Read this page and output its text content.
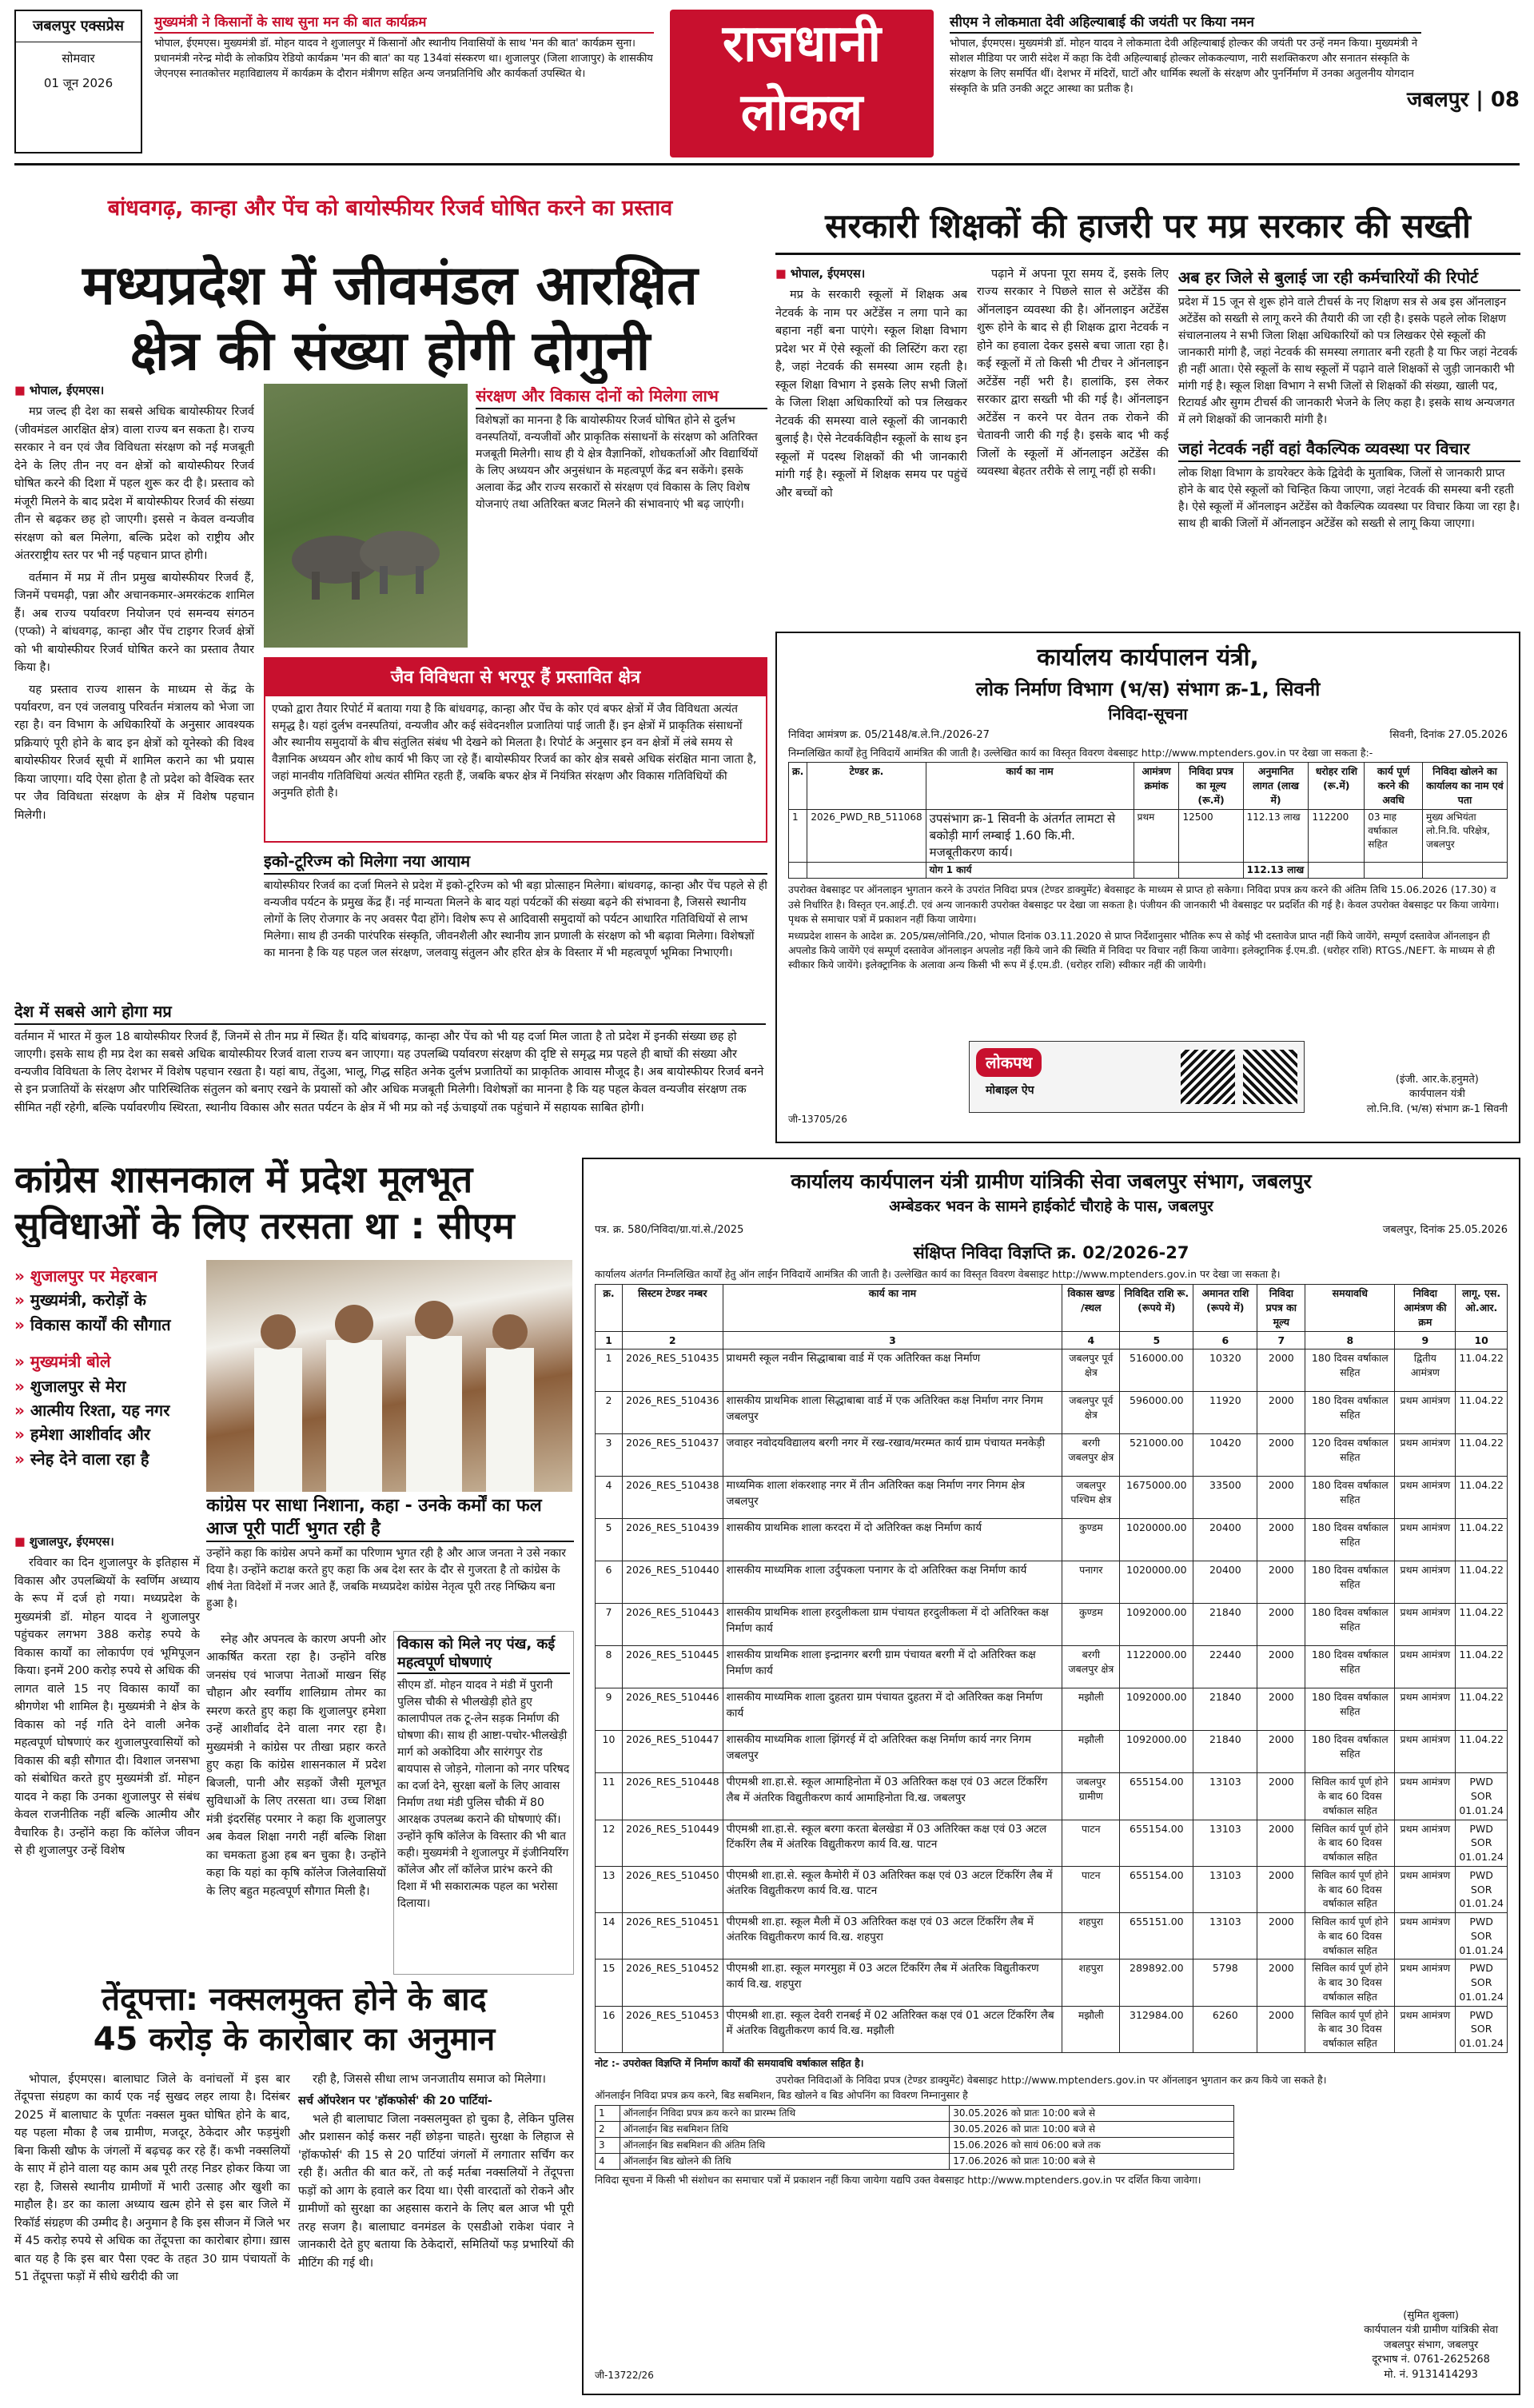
जबलपुर एक्सप्रेस
सोमवार
01 जून 2026
मुख्यमंत्री ने किसानों के साथ सुना मन की बात कार्यक्रम

भोपाल, ईएमएस। मुख्यमंत्री डॉ. मोहन यादव ने शुजालपुर में किसानों और स्थानीय निवासियों के साथ 'मन की बात' कार्यक्रम सुना। प्रधानमंत्री नरेन्द्र मोदी के लोकप्रिय रेडियो कार्यक्रम 'मन की बात' का यह 134वां संस्करण था। शुजालपुर (जिला शाजापुर) के शासकीय जेएनएस स्नातकोत्तर महाविद्यालय में कार्यक्रम के दौरान मंत्रीगण सहित अन्य जनप्रतिनिधि और कार्यकर्ता उपस्थित थे।

राजधानी
लोकल
सीएम ने लोकमाता देवी अहिल्याबाई की जयंती पर किया नमन

भोपाल, ईएमएस। मुख्यमंत्री डॉ. मोहन यादव ने लोकमाता देवी अहिल्याबाई होल्कर की जयंती पर उन्हें नमन किया। मुख्यमंत्री ने सोशल मीडिया पर जारी संदेश में कहा कि देवी अहिल्याबाई होल्कर लोककल्याण, नारी सशक्तिकरण और सनातन संस्कृति के संरक्षण के लिए समर्पित थीं। देशभर में मंदिरों, घाटों और धार्मिक स्थलों के संरक्षण और पुनर्निर्माण में उनका अतुलनीय योगदान संस्कृति के प्रति उनकी अटूट आस्था का प्रतीक है।	जबलपुर | 08
बांधवगढ़, कान्हा और पेंच को बायोस्फीयर रिजर्व घोषित करने का प्रस्ताव
मध्यप्रदेश में जीवमंडल आरक्षित
क्षेत्र की संख्या होगी दोगुनी
■ भोपाल, ईएमएस।

मप्र जल्द ही देश का सबसे अधिक बायोस्फीयर रिजर्व (जीवमंडल आरक्षित क्षेत्र) वाला राज्य बन सकता है। राज्य सरकार ने वन एवं जैव विविधता संरक्षण को नई मजबूती देने के लिए तीन नए वन क्षेत्रों को बायोस्फीयर रिजर्व घोषित करने की दिशा में पहल शुरू कर दी है। प्रस्ताव को मंजूरी मिलने के बाद प्रदेश में बायोस्फीयर रिजर्व की संख्या तीन से बढ़कर छह हो जाएगी। इससे न केवल वन्यजीव संरक्षण को बल मिलेगा, बल्कि प्रदेश को राष्ट्रीय और अंतरराष्ट्रीय स्तर पर भी नई पहचान प्राप्त होगी।

वर्तमान में मप्र में तीन प्रमुख बायोस्फीयर रिजर्व हैं, जिनमें पचमढ़ी, पन्ना और अचानकमार-अमरकंटक शामिल हैं। अब राज्य पर्यावरण नियोजन एवं समन्वय संगठन (एप्को) ने बांधवगढ़, कान्हा और पेंच टाइगर रिजर्व क्षेत्रों को भी बायोस्फीयर रिजर्व घोषित करने का प्रस्ताव तैयार किया है।

यह प्रस्ताव राज्य शासन के माध्यम से केंद्र के पर्यावरण, वन एवं जलवायु परिवर्तन मंत्रालय को भेजा जा रहा है। वन विभाग के अधिकारियों के अनुसार आवश्यक प्रक्रियाएं पूरी होने के बाद इन क्षेत्रों को यूनेस्को की विश्व बायोस्फीयर रिजर्व सूची में शामिल कराने का भी प्रयास किया जाएगा। यदि ऐसा होता है तो प्रदेश को वैश्विक स्तर पर जैव विविधता संरक्षण के क्षेत्र में विशेष पहचान मिलेगी।

संरक्षण और विकास दोनों को मिलेगा लाभ
विशेषज्ञों का मानना है कि बायोस्फीयर रिजर्व घोषित होने से दुर्लभ वनस्पतियों, वन्यजीवों और प्राकृतिक संसाधनों के संरक्षण को अतिरिक्त मजबूती मिलेगी। साथ ही ये क्षेत्र वैज्ञानिकों, शोधकर्ताओं और विद्यार्थियों के लिए अध्ययन और अनुसंधान के महत्वपूर्ण केंद्र बन सकेंगे। इसके अलावा केंद्र और राज्य सरकारों से संरक्षण एवं विकास के लिए विशेष योजनाएं तथा अतिरिक्त बजट मिलने की संभावनाएं भी बढ़ जाएंगी।
जैव विविधता से भरपूर हैं प्रस्तावित क्षेत्र
एप्को द्वारा तैयार रिपोर्ट में बताया गया है कि बांधवगढ़, कान्हा और पेंच के कोर एवं बफर क्षेत्रों में जैव विविधता अत्यंत समृद्ध है। यहां दुर्लभ वनस्पतियां, वन्यजीव और कई संवेदनशील प्रजातियां पाई जाती हैं। इन क्षेत्रों में प्राकृतिक संसाधनों और स्थानीय समुदायों के बीच संतुलित संबंध भी देखने को मिलता है। रिपोर्ट के अनुसार इन वन क्षेत्रों में लंबे समय से वैज्ञानिक अध्ययन और शोध कार्य भी किए जा रहे हैं। बायोस्फीयर रिजर्व का कोर क्षेत्र सबसे अधिक संरक्षित माना जाता है, जहां मानवीय गतिविधियां अत्यंत सीमित रहती हैं, जबकि बफर क्षेत्र में नियंत्रित संरक्षण और विकास गतिविधियों की अनुमति होती है।
इको-टूरिज्म को मिलेगा नया आयाम
बायोस्फीयर रिजर्व का दर्जा मिलने से प्रदेश में इको-टूरिज्म को भी बड़ा प्रोत्साहन मिलेगा। बांधवगढ़, कान्हा और पेंच पहले से ही वन्यजीव पर्यटन के प्रमुख केंद्र हैं। नई मान्यता मिलने के बाद यहां पर्यटकों की संख्या बढ़ने की संभावना है, जिससे स्थानीय लोगों के लिए रोजगार के नए अवसर पैदा होंगे। विशेष रूप से आदिवासी समुदायों को पर्यटन आधारित गतिविधियों से लाभ मिलेगा। साथ ही उनकी पारंपरिक संस्कृति, जीवनशैली और स्थानीय ज्ञान प्रणाली के संरक्षण को भी बढ़ावा मिलेगा। विशेषज्ञों का मानना है कि यह पहल जल संरक्षण, जलवायु संतुलन और हरित क्षेत्र के विस्तार में भी महत्वपूर्ण भूमिका निभाएगी।
देश में सबसे आगे होगा मप्र
वर्तमान में भारत में कुल 18 बायोस्फीयर रिजर्व हैं, जिनमें से तीन मप्र में स्थित हैं। यदि बांधवगढ़, कान्हा और पेंच को भी यह दर्जा मिल जाता है तो प्रदेश में इनकी संख्या छह हो जाएगी। इसके साथ ही मप्र देश का सबसे अधिक बायोस्फीयर रिजर्व वाला राज्य बन जाएगा। यह उपलब्धि पर्यावरण संरक्षण की दृष्टि से समृद्ध मप्र पहले ही बाघों की संख्या और वन्यजीव विविधता के लिए देशभर में विशेष पहचान रखता है। यहां बाघ, तेंदुआ, भालू, गिद्ध सहित अनेक दुर्लभ प्रजातियों का प्राकृतिक आवास मौजूद है। अब बायोस्फीयर रिजर्व बनने से इन प्रजातियों के संरक्षण और पारिस्थितिक संतुलन को बनाए रखने के प्रयासों को और अधिक मजबूती मिलेगी। विशेषज्ञों का मानना है कि यह पहल केवल वन्यजीव संरक्षण तक सीमित नहीं रहेगी, बल्कि पर्यावरणीय स्थिरता, स्थानीय विकास और सतत पर्यटन के क्षेत्र में भी मप्र को नई ऊंचाइयों तक पहुंचाने में सहायक साबित होगी।
सरकारी शिक्षकों की हाजरी पर मप्र सरकार की सख्ती
■ भोपाल, ईएमएस।

मप्र के सरकारी स्कूलों में शिक्षक अब नेटवर्क के नाम पर अटेंडेंस न लगा पाने का बहाना नहीं बना पाएंगे। स्कूल शिक्षा विभाग प्रदेश भर में ऐसे स्कूलों की लिस्टिंग करा रहा है, जहां नेटवर्क की समस्या आम रहती है। स्कूल शिक्षा विभाग ने इसके लिए सभी जिलों के जिला शिक्षा अधिकारियों को पत्र लिखकर नेटवर्क की समस्या वाले स्कूलों की जानकारी बुलाई है। ऐसे नेटवर्कविहीन स्कूलों के साथ इन स्कूलों में पदस्थ शिक्षकों की भी जानकारी मांगी गई है। स्कूलों में शिक्षक समय पर पहुंचें और बच्चों को

पढ़ाने में अपना पूरा समय दें, इसके लिए राज्य सरकार ने पिछले साल से अटेंडेंस की ऑनलाइन व्यवस्था की है। ऑनलाइन अटेंडेंस शुरू होने के बाद से ही शिक्षक द्वारा नेटवर्क न होने का हवाला देकर इससे बचा जाता रहा है। कई स्कूलों में तो किसी भी टीचर ने ऑनलाइन अटेंडेंस नहीं भरी है। हालांकि, इस लेकर सरकार द्वारा सख्ती भी की गई है। ऑनलाइन अटेंडेंस न करने पर वेतन तक रोकने की चेतावनी जारी की गई है। इसके बाद भी कई जिलों के स्कूलों में ऑनलाइन अटेंडेंस की व्यवस्था बेहतर तरीके से लागू नहीं हो सकी।

अब हर जिले से बुलाई जा रही कर्मचारियों की रिपोर्ट
प्रदेश में 15 जून से शुरू होने वाले टीचर्स के नए शिक्षण सत्र से अब इस ऑनलाइन अटेंडेंस को सख्ती से लागू करने की तैयारी की जा रही है। इसके पहले लोक शिक्षण संचालनालय ने सभी जिला शिक्षा अधिकारियों को पत्र लिखकर ऐसे स्कूलों की जानकारी मांगी है, जहां नेटवर्क की समस्या लगातार बनी रहती है या फिर जहां नेटवर्क ही नहीं आता। ऐसे स्कूलों के साथ स्कूलों में पढ़ाने वाले शिक्षकों से जुड़ी जानकारी भी मांगी गई है। स्कूल शिक्षा विभाग ने सभी जिलों से शिक्षकों की संख्या, खाली पद, रिटायर्ड और सुगम टीचर्स की जानकारी भेजने के लिए कहा है। इसके साथ अन्यजगत में लगे शिक्षकों की जानकारी मांगी है।
जहां नेटवर्क नहीं वहां वैकल्पिक व्यवस्था पर विचार
लोक शिक्षा विभाग के डायरेक्टर केके द्विवेदी के मुताबिक, जिलों से जानकारी प्राप्त होने के बाद ऐसे स्कूलों को चिन्हित किया जाएगा, जहां नेटवर्क की समस्या बनी रहती है। ऐसे स्कूलों में ऑनलाइन अटेंडेंस को वैकल्पिक व्यवस्था पर विचार किया जा रहा है। साथ ही बाकी जिलों में ऑनलाइन अटेंडेंस को सख्ती से लागू किया जाएगा।
कार्यालय कार्यपालन यंत्री,
लोक निर्माण विभाग (भ/स) संभाग क्र-1, सिवनी
निविदा-सूचना
निविदा आमंत्रण क्र. 05/2148/ब.ले.नि./2026-27	सिवनी, दिनांक 27.05.2026
निम्नलिखित कार्यों हेतु निविदायें आमंत्रित की जाती है। उल्लेखित कार्य का विस्तृत विवरण वेबसाइट http://www.mptenders.gov.in पर देखा जा सकता है:-
क्र.	टेण्डर क्र.	कार्य का नाम	आमंत्रण क्रमांक	निविदा प्रपत्र का मूल्य (रू.में)	अनुमानित लागत (लाख में)	धरोहर राशि (रू.में)	कार्य पूर्ण करने की अवधि	निविदा खोलने का कार्यालय का नाम एवं पता
1	2026_PWD_RB_511068	उपसंभाग क्र-1 सिवनी के अंतर्गत लामटा से बकोड़ी मार्ग लम्बाई 1.60 कि.मी. मजबूतीकरण कार्य।	प्रथम	12500	112.13 लाख	112200	03 माह वर्षाकाल सहित	मुख्य अभियंता लो.नि.वि. परिक्षेत्र, जबलपुर
		योग 1 कार्य			112.13 लाख			
उपरोक्त वेबसाइट पर ऑनलाइन भुगतान करने के उपरांत निविदा प्रपत्र (टेण्डर डाक्युमेंट) बेवसाइट के माध्यम से प्राप्त हो सकेगा। निविदा प्रपत्र क्रय करने की अंतिम तिथि 15.06.2026 (17.30) व उसे निर्धारित है। विस्तृत एन.आई.टी. एवं अन्य जानकारी उपरोक्त वेबसाइट पर देखा जा सकता है। पंजीयन की जानकारी भी वेबसाइट पर प्रदर्शित की गई है। केवल उपरोक्त वेबसाइट पर किया जायेगा। पृथक से समाचार पत्रों में प्रकाशन नहीं किया जायेगा।
मध्यप्रदेश शासन के आदेश क्र. 205/प्रस/लोनिवि./20, भोपाल दिनांक 03.11.2020 से प्राप्त निर्देशानुसार भौतिक रूप से कोई भी दस्तावेज प्राप्त नहीं किये जायेंगे, सम्पूर्ण दस्तावेज ऑनलाइन ही अपलोड किये जायेंगे एवं सम्पूर्ण दस्तावेज ऑनलाइन अपलोड नहीं किये जाने की स्थिति में निविदा पर विचार नहीं किया जावेगा। इलेक्ट्रानिक ई.एम.डी. (धरोहर राशि) RTGS./NEFT. के माध्यम से ही स्वीकार किये जायेंगे। इलेक्ट्रानिक के अलावा अन्य किसी भी रूप में ई.एम.डी. (धरोहर राशि) स्वीकार नहीं की जायेगी।
लोकपथ
मोबाइल ऐप
जी-13705/26
(इंजी. आर.के.हनुमते)
कार्यपालन यंत्री
लो.नि.वि. (भ/स) संभाग क्र-1 सिवनी
कांग्रेस शासनकाल में प्रदेश मूलभूत
सुविधाओं के लिए तरसता था : सीएम
» शुजालपुर पर मेहरबान
» मुख्यमंत्री, करोड़ों के
» विकास कार्यों की सौगात
» मुख्यमंत्री बोले
» शुजालपुर से मेरा
» आत्मीय रिश्ता, यह नगर
» हमेशा आशीर्वाद और
» स्नेह देने वाला रहा है
कांग्रेस पर साधा निशाना, कहा - उनके कर्मों का फल आज पूरी पार्टी भुगत रही है
उन्होंने कहा कि कांग्रेस अपने कर्मों का परिणाम भुगत रही है और आज जनता ने उसे नकार दिया है। उन्होंने कटाक्ष करते हुए कहा कि अब देश स्तर के दौर से गुजरता है तो कांग्रेस के शीर्ष नेता विदेशों में नजर आते हैं, जबकि मध्यप्रदेश कांग्रेस नेतृत्व पूरी तरह निष्क्रिय बना हुआ है।
■ शुजालपुर, ईएमएस।

रविवार का दिन शुजालपुर के इतिहास में विकास और उपलब्धियों के स्वर्णिम अध्याय के रूप में दर्ज हो गया। मध्यप्रदेश के मुख्यमंत्री डॉ. मोहन यादव ने शुजालपुर पहुंचकर लगभग 388 करोड़ रुपये के विकास कार्यों का लोकार्पण एवं भूमिपूजन किया। इनमें 200 करोड़ रुपये से अधिक की लागत वाले 15 नए विकास कार्यों का श्रीगणेश भी शामिल है। मुख्यमंत्री ने क्षेत्र के विकास को नई गति देने वाली अनेक महत्वपूर्ण घोषणाएं कर शुजालपुरवासियों को विकास की बड़ी सौगात दी। विशाल जनसभा को संबोधित करते हुए मुख्यमंत्री डॉ. मोहन यादव ने कहा कि उनका शुजालपुर से संबंध केवल राजनीतिक नहीं बल्कि आत्मीय और वैचारिक है। उन्होंने कहा कि कॉलेज जीवन से ही शुजालपुर उन्हें विशेष

स्नेह और अपनत्व के कारण अपनी ओर आकर्षित करता रहा है। उन्होंने वरिष्ठ जनसंघ एवं भाजपा नेताओं माखन सिंह चौहान और स्वर्गीय शालिग्राम तोमर का स्मरण करते हुए कहा कि शुजालपुर हमेशा उन्हें आशीर्वाद देने वाला नगर रहा है। मुख्यमंत्री ने कांग्रेस पर तीखा प्रहार करते हुए कहा कि कांग्रेस शासनकाल में प्रदेश बिजली, पानी और सड़कों जैसी मूलभूत सुविधाओं के लिए तरसता था। उच्च शिक्षा मंत्री इंदरसिंह परमार ने कहा कि शुजालपुर अब केवल शिक्षा नगरी नहीं बल्कि शिक्षा का चमकता हुआ हब बन चुका है। उन्होंने कहा कि यहां का कृषि कॉलेज जिलेवासियों के लिए बहुत महत्वपूर्ण सौगात मिली है।

विकास को मिले नए पंख, कई महत्वपूर्ण घोषणाएं
सीएम डॉ. मोहन यादव ने मंडी में पुरानी पुलिस चौकी से भीलखेड़ी होते हुए कालापीपल तक टू-लेन सड़क निर्माण की घोषणा की। साथ ही आष्टा-पचोर-भीलखेड़ी मार्ग को अकोदिया और सारंगपुर रोड बायपास से जोड़ने, गोलाना को नगर परिषद का दर्जा देने, सुरक्षा बलों के लिए आवास निर्माण तथा मंडी पुलिस चौकी में 80 आरक्षक उपलब्ध कराने की घोषणाएं कीं। उन्होंने कृषि कॉलेज के विस्तार की भी बात कही। मुख्यमंत्री ने शुजालपुर में इंजीनियरिंग कॉलेज और लॉ कॉलेज प्रारंभ करने की दिशा में भी सकारात्मक पहल का भरोसा दिलाया।
तेंदूपत्ता: नक्सलमुक्त होने के बाद
45 करोड़ के कारोबार का अनुमान

भोपाल, ईएमएस। बालाघाट जिले के वनांचलों में इस बार तेंदूपत्ता संग्रहण का कार्य एक नई सुखद लहर लाया है। दिसंबर 2025 में बालाघाट के पूर्णतः नक्सल मुक्त घोषित होने के बाद, यह पहला मौका है जब ग्रामीण, मजदूर, ठेकेदार और फड़मुंशी बिना किसी खौफ के जंगलों में बढ़चढ़ कर रहे हैं। कभी नक्सलियों के साए में होने वाला यह काम अब पूरी तरह निडर होकर किया जा रहा है, जिससे स्थानीय ग्रामीणों में भारी उत्साह और खुशी का माहौल है। डर का काला अध्याय खत्म होने से इस बार जिले में रिकॉर्ड संग्रहण की उम्मीद है। अनुमान है कि इस सीजन में जिले भर में 45 करोड़ रुपये से अधिक का तेंदूपत्ता का कारोबार होगा। ख़ास बात यह है कि इस बार पैसा एक्ट के तहत 30 ग्राम पंचायतों के 51 तेंदूपत्ता फड़ों में सीधे खरीदी की जा

रही है, जिससे सीधा लाभ जनजातीय समाज को मिलेगा।

सर्च ऑपरेशन पर 'हॉकफोर्स' की 20 पार्टियां-

भले ही बालाघाट जिला नक्सलमुक्त हो चुका है, लेकिन पुलिस और प्रशासन कोई कसर नहीं छोड़ना चाहते। सुरक्षा के लिहाज से 'हॉकफोर्स' की 15 से 20 पार्टियां जंगलों में लगातार सर्चिंग कर रही हैं। अतीत की बात करें, तो कई मर्तबा नक्सलियों ने तेंदूपत्ता फड़ों को आग के हवाले कर दिया था। ऐसी वारदातों को रोकने और ग्रामीणों को सुरक्षा का अहसास कराने के लिए बल आज भी पूरी तरह सजग है। बालाघाट वनमंडल के एसडीओ राकेश पंवार ने जानकारी देते हुए बताया कि ठेकेदारों, समितियों फड़ प्रभारियों की मीटिंग की गई थी।

कार्यालय कार्यपालन यंत्री ग्रामीण यांत्रिकी सेवा जबलपुर संभाग, जबलपुर
अम्बेडकर भवन के सामने हाईकोर्ट चौराहे के पास, जबलपुर
पत्र. क्र. 580/निविदा/ग्रा.यां.से./2025	जबलपुर, दिनांक 25.05.2026
संक्षिप्त निविदा विज्ञप्ति क्र. 02/2026-27
कार्यालय अंतर्गत निम्नलिखित कार्यों हेतु ऑन लाईन निविदायें आमंत्रित की जाती है। उल्लेखित कार्य का विस्तृत विवरण वेबसाइट http://www.mptenders.gov.in पर देखा जा सकता है।
क्र.	सिस्टम टेण्डर नम्बर	कार्य का नाम	विकास खण्ड /स्थल	निविदित राशि रू. (रूपये में)	अमानत राशि (रूपये में)	निविदा प्रपत्र का मूल्य	समयावधि	निविदा आमंत्रण की क्रम	लागू. एस. ओ.आर.
1	2	3	4	5	6	7	8	9	10
1	2026_RES_510435	प्राथमरी स्कूल नवीन सिद्धाबाबा वार्ड में एक अतिरिक्त कक्ष निर्माण	जबलपुर पूर्व क्षेत्र	516000.00	10320	2000	180 दिवस वर्षाकाल सहित	द्वितीय आमंत्रण	11.04.22
2	2026_RES_510436	शासकीय प्राथमिक शाला सिद्धाबाबा वार्ड में एक अतिरिक्त कक्ष निर्माण नगर निगम जबलपुर	जबलपुर पूर्व क्षेत्र	596000.00	11920	2000	180 दिवस वर्षाकाल सहित	प्रथम आमंत्रण	11.04.22
3	2026_RES_510437	जवाहर नवोदयविद्यालय बरगी नगर में रख-रखाव/मरम्मत कार्य ग्राम पंचायत मनकेड़ी	बरगी जबलपुर क्षेत्र	521000.00	10420	2000	120 दिवस वर्षाकाल सहित	प्रथम आमंत्रण	11.04.22
4	2026_RES_510438	माध्यमिक शाला शंकरशाह नगर में तीन अतिरिक्त कक्ष निर्माण नगर निगम क्षेत्र जबलपुर	जबलपुर पश्चिम क्षेत्र	1675000.00	33500	2000	180 दिवस वर्षाकाल सहित	प्रथम आमंत्रण	11.04.22
5	2026_RES_510439	शासकीय प्राथमिक शाला करदरा में दो अतिरिक्त कक्ष निर्माण कार्य	कुण्डम	1020000.00	20400	2000	180 दिवस वर्षाकाल सहित	प्रथम आमंत्रण	11.04.22
6	2026_RES_510440	शासकीय माध्यमिक शाला उर्दुपकला पनागर के दो अतिरिक्त कक्ष निर्माण कार्य	पनागर	1020000.00	20400	2000	180 दिवस वर्षाकाल सहित	प्रथम आमंत्रण	11.04.22
7	2026_RES_510443	शासकीय प्राथमिक शाला हरदुलीकला ग्राम पंचायत हरदुलीकला में दो अतिरिक्त कक्ष निर्माण कार्य	कुण्डम	1092000.00	21840	2000	180 दिवस वर्षाकाल सहित	प्रथम आमंत्रण	11.04.22
8	2026_RES_510445	शासकीय प्राथमिक शाला इन्द्रानगर बरगी ग्राम पंचायत बरगी में दो अतिरिक्त कक्ष निर्माण कार्य	बरगी जबलपुर क्षेत्र	1122000.00	22440	2000	180 दिवस वर्षाकाल सहित	प्रथम आमंत्रण	11.04.22
9	2026_RES_510446	शासकीय माध्यमिक शाला दुहतरा ग्राम पंचायत दुहतरा में दो अतिरिक्त कक्ष निर्माण कार्य	मझौली	1092000.00	21840	2000	180 दिवस वर्षाकाल सहित	प्रथम आमंत्रण	11.04.22
10	2026_RES_510447	शासकीय माध्यमिक शाला झिंगरई में दो अतिरिक्त कक्ष निर्माण कार्य नगर निगम जबलपुर	मझौली	1092000.00	21840	2000	180 दिवस वर्षाकाल सहित	प्रथम आमंत्रण	11.04.22
11	2026_RES_510448	पीएमश्री शा.हा.से. स्कूल आमाहिनोता में 03 अतिरिक्त कक्ष एवं 03 अटल टिंकरिंग लैब में अंतरिक विद्युतीकरण कार्य आमाहिनोता वि.ख. जबलपुर	जबलपुर ग्रामीण	655154.00	13103	2000	सिविल कार्य पूर्ण होने के बाद 60 दिवस वर्षाकाल सहित	प्रथम आमंत्रण	PWD SOR 01.01.24
12	2026_RES_510449	पीएमश्री शा.हा.से. स्कूल बरगा करता बेलखेडा में 03 अतिरिक्त कक्ष एवं 03 अटल टिंकरिंग लैब में अंतरिक विद्युतीकरण कार्य वि.ख. पाटन	पाटन	655154.00	13103	2000	सिविल कार्य पूर्ण होने के बाद 60 दिवस वर्षाकाल सहित	प्रथम आमंत्रण	PWD SOR 01.01.24
13	2026_RES_510450	पीएमश्री शा.हा.से. स्कूल कैमोरी में 03 अतिरिक्त कक्ष एवं 03 अटल टिंकरिंग लैब में अंतरिक विद्युतीकरण कार्य वि.ख. पाटन	पाटन	655154.00	13103	2000	सिविल कार्य पूर्ण होने के बाद 60 दिवस वर्षाकाल सहित	प्रथम आमंत्रण	PWD SOR 01.01.24
14	2026_RES_510451	पीएमश्री शा.हा. स्कूल मैली में 03 अतिरिक्त कक्ष एवं 03 अटल टिंकरिंग लैब में अंतरिक विद्युतीकरण कार्य वि.ख. शहपुरा	शहपुरा	655151.00	13103	2000	सिविल कार्य पूर्ण होने के बाद 60 दिवस वर्षाकाल सहित	प्रथम आमंत्रण	PWD SOR 01.01.24
15	2026_RES_510452	पीएमश्री शा.हा. स्कूल मगरमुहा में 03 अटल टिंकरिंग लैब में अंतरिक विद्युतीकरण कार्य वि.ख. शहपुरा	शहपुरा	289892.00	5798	2000	सिविल कार्य पूर्ण होने के बाद 30 दिवस वर्षाकाल सहित	प्रथम आमंत्रण	PWD SOR 01.01.24
16	2026_RES_510453	पीएमश्री शा.हा. स्कूल देवरी रानबई में 02 अतिरिक्त कक्ष एवं 01 अटल टिंकरिंग लैब में अंतरिक विद्युतीकरण कार्य वि.ख. मझौली	मझौली	312984.00	6260	2000	सिविल कार्य पूर्ण होने के बाद 30 दिवस वर्षाकाल सहित	प्रथम आमंत्रण	PWD SOR 01.01.24
नोट :- उपरोक्त विज्ञप्ति में निर्माण कार्यों की समयावधि वर्षाकाल सहित है।
उपरोक्त निविदाओं के निविदा प्रपत्र (टेण्डर डाक्युमेंट) वेबसाइट http://www.mptenders.gov.in पर ऑनलाइन भुगतान कर क्रय किये जा सकते है।
ऑनलाईन निविदा प्रपत्र क्रय करने, बिड सबमिशन, बिड खोलने व बिड ओपनिंग का विवरण निम्नानुसार है
1	ऑनलाईन निविदा प्रपत्र क्रय करने का प्रारम्भ तिथि	30.05.2026 को प्रातः 10:00 बजे से
2	ऑनलाईन बिड सबमिशन तिथि	30.05.2026 को प्रातः 10:00 बजे से
3	ऑनलाईन बिड सबमिशन की अंतिम तिथि	15.06.2026 को सायं 06:00 बजे तक
4	ऑनलाईन बिड खोलने की तिथि	17.06.2026 को प्रातः 10:00 बजे से
निविदा सूचना में किसी भी संशोधन का समाचार पत्रों में प्रकाशन नहीं किया जायेगा यद्यपि उक्त वेबसाइट http://www.mptenders.gov.in पर दर्शित किया जावेगा।
जी-13722/26
(सुमित शुक्ला)
कार्यपालन यंत्री ग्रामीण यांत्रिकी सेवा
जबलपुर संभाग, जबलपुर
दूरभाष नं. 0761-2625268
मो. नं. 9131414293
